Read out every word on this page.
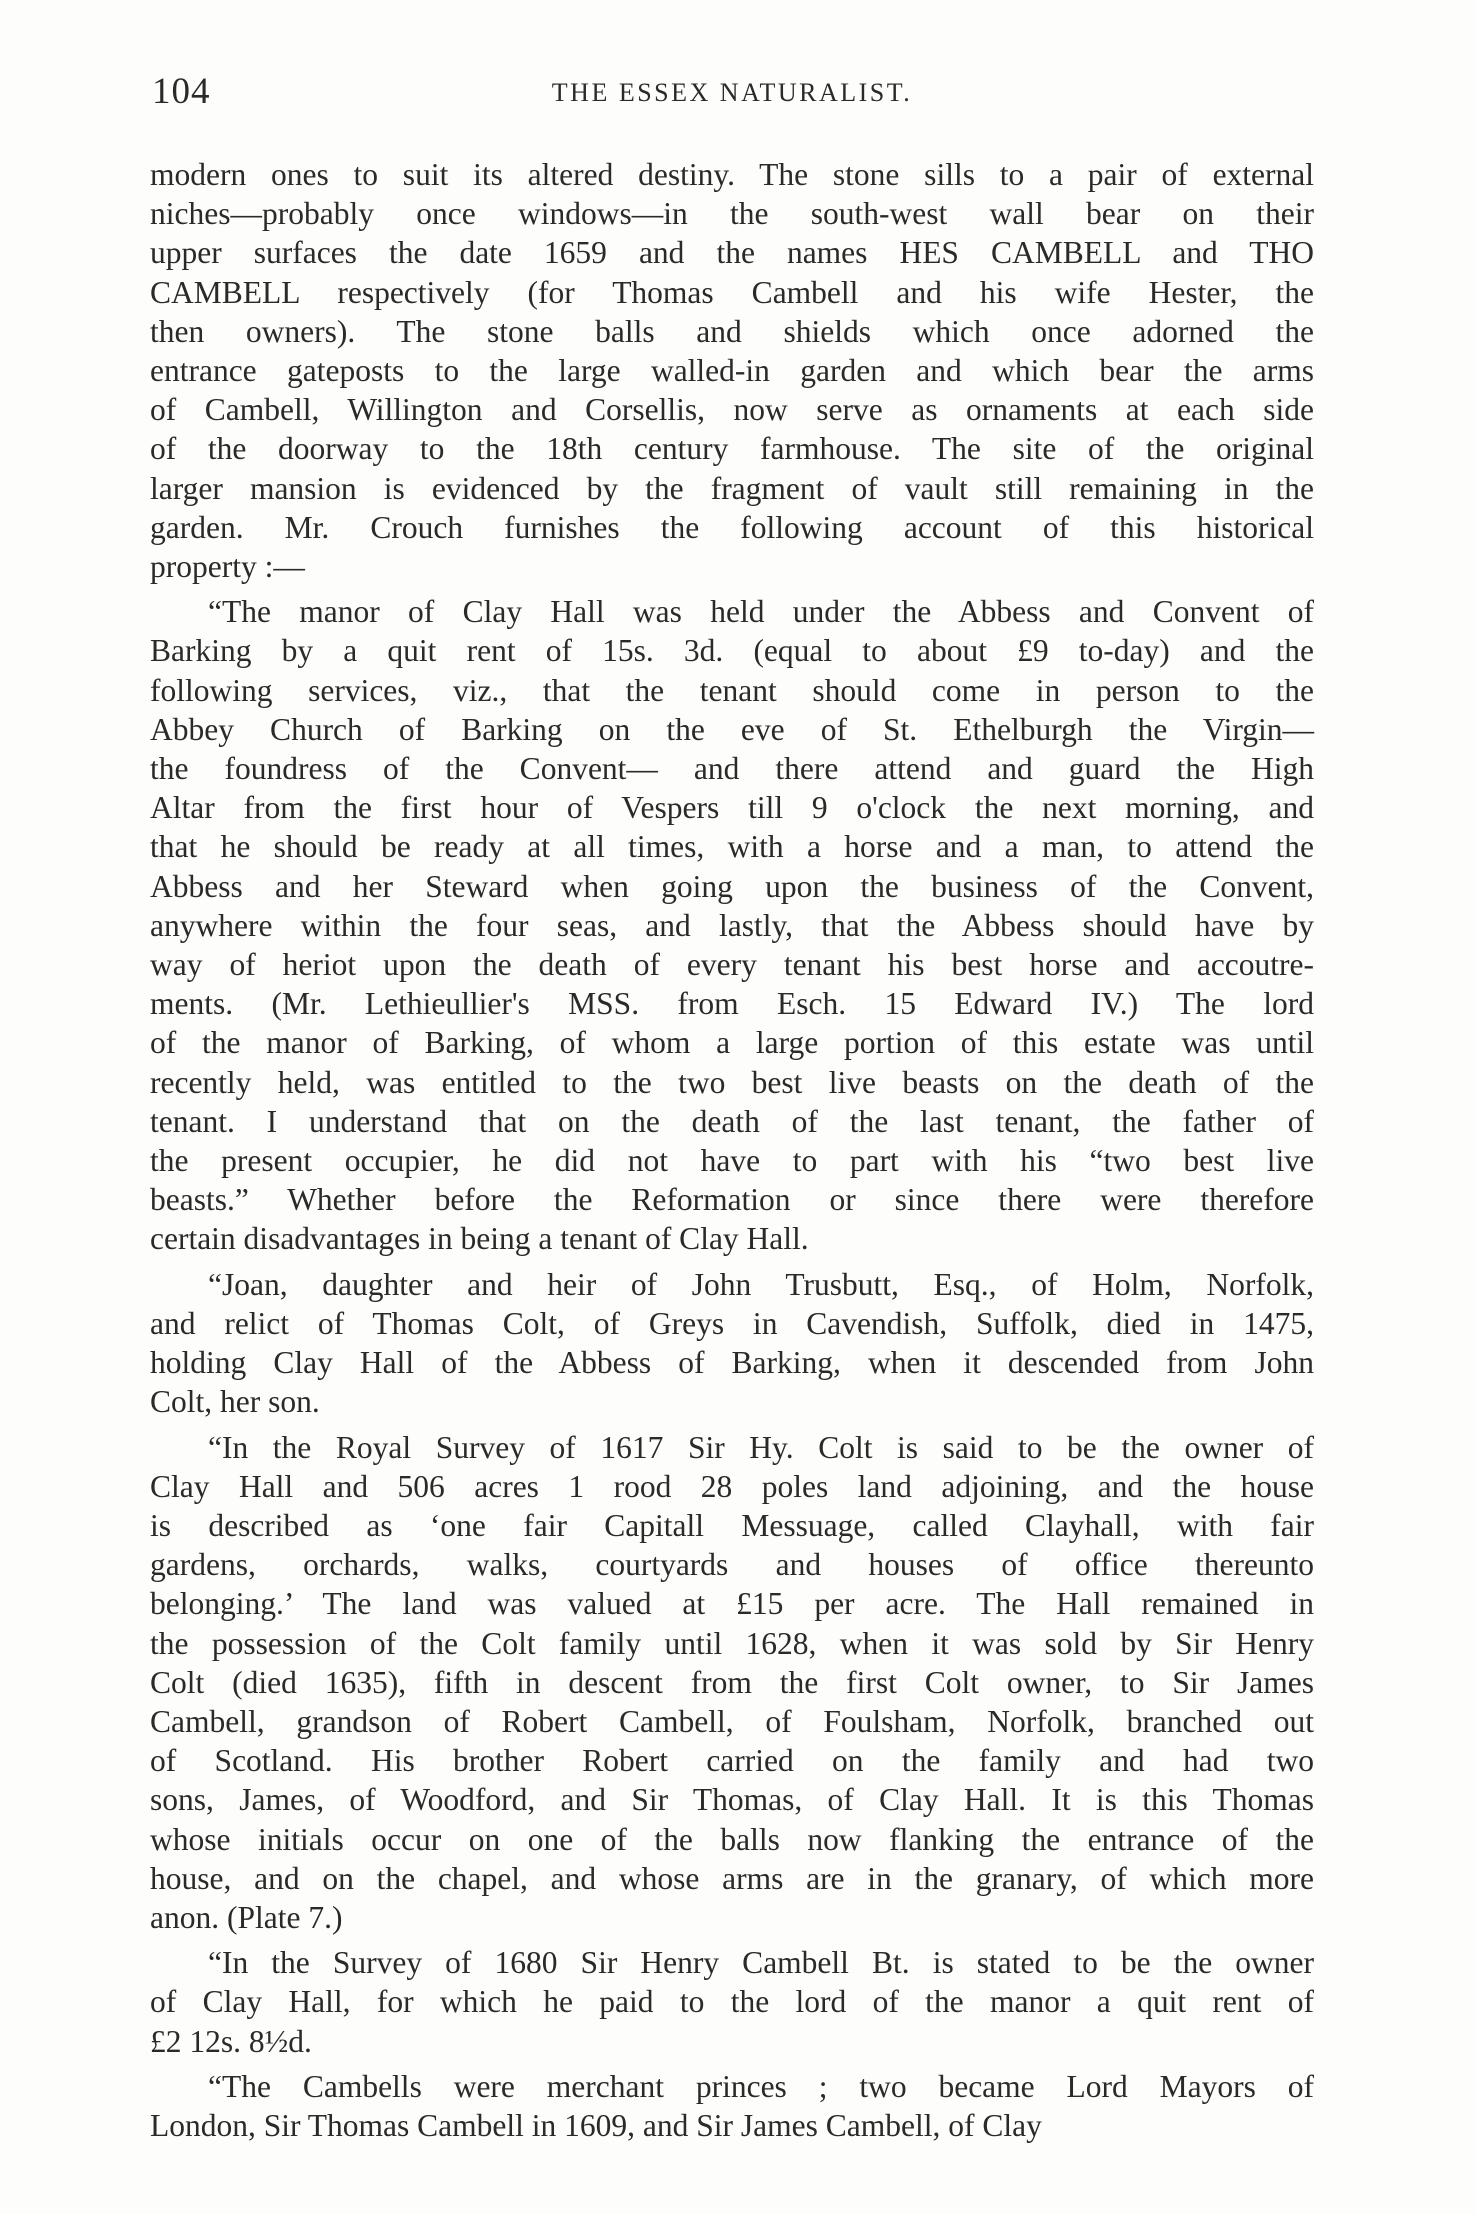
104	THE ESSEX NATURALIST.
modern ones to suit its altered destiny. The stone sills to a pair of external
niches—probably once windows—in the south-west wall bear on their
upper surfaces the date 1659 and the names HES CAMBELL and THO
CAMBELL respectively (for Thomas Cambell and his wife Hester, the
then owners). The stone balls and shields which once adorned the
entrance gateposts to the large walled-in garden and which bear the arms
of Cambell, Willington and Corsellis, now serve as ornaments at each side
of the doorway to the 18th century farmhouse. The site of the original
larger mansion is evidenced by the fragment of vault still remaining in the
garden. Mr. Crouch furnishes the following account of this historical
property :—
“The manor of Clay Hall was held under the Abbess and Convent of
Barking by a quit rent of 15s. 3d. (equal to about £9 to-day) and the
following services, viz., that the tenant should come in person to the
Abbey Church of Barking on the eve of St. Ethelburgh the Virgin—
the foundress of the Convent— and there attend and guard the High
Altar from the first hour of Vespers till 9 o'clock the next morning, and
that he should be ready at all times, with a horse and a man, to attend the
Abbess and her Steward when going upon the business of the Convent,
anywhere within the four seas, and lastly, that the Abbess should have by
way of heriot upon the death of every tenant his best horse and accoutre-
ments. (Mr. Lethieullier's MSS. from Esch. 15 Edward IV.) The lord
of the manor of Barking, of whom a large portion of this estate was until
recently held, was entitled to the two best live beasts on the death of the
tenant. I understand that on the death of the last tenant, the father of
the present occupier, he did not have to part with his “two best live
beasts.” Whether before the Reformation or since there were therefore
certain disadvantages in being a tenant of Clay Hall.
“Joan, daughter and heir of John Trusbutt, Esq., of Holm, Norfolk,
and relict of Thomas Colt, of Greys in Cavendish, Suffolk, died in 1475,
holding Clay Hall of the Abbess of Barking, when it descended from John
Colt, her son.
“In the Royal Survey of 1617 Sir Hy. Colt is said to be the owner of
Clay Hall and 506 acres 1 rood 28 poles land adjoining, and the house
is described as ‘one fair Capitall Messuage, called Clayhall, with fair
gardens, orchards, walks, courtyards and houses of office thereunto
belonging.’ The land was valued at £15 per acre. The Hall remained in
the possession of the Colt family until 1628, when it was sold by Sir Henry
Colt (died 1635), fifth in descent from the first Colt owner, to Sir James
Cambell, grandson of Robert Cambell, of Foulsham, Norfolk, branched out
of Scotland. His brother Robert carried on the family and had two
sons, James, of Woodford, and Sir Thomas, of Clay Hall. It is this Thomas
whose initials occur on one of the balls now flanking the entrance of the
house, and on the chapel, and whose arms are in the granary, of which more
anon. (Plate 7.)
“In the Survey of 1680 Sir Henry Cambell Bt. is stated to be the owner
of Clay Hall, for which he paid to the lord of the manor a quit rent of
£2 12s. 8½d.
“The Cambells were merchant princes ; two became Lord Mayors of
London, Sir Thomas Cambell in 1609, and Sir James Cambell, of Clay
